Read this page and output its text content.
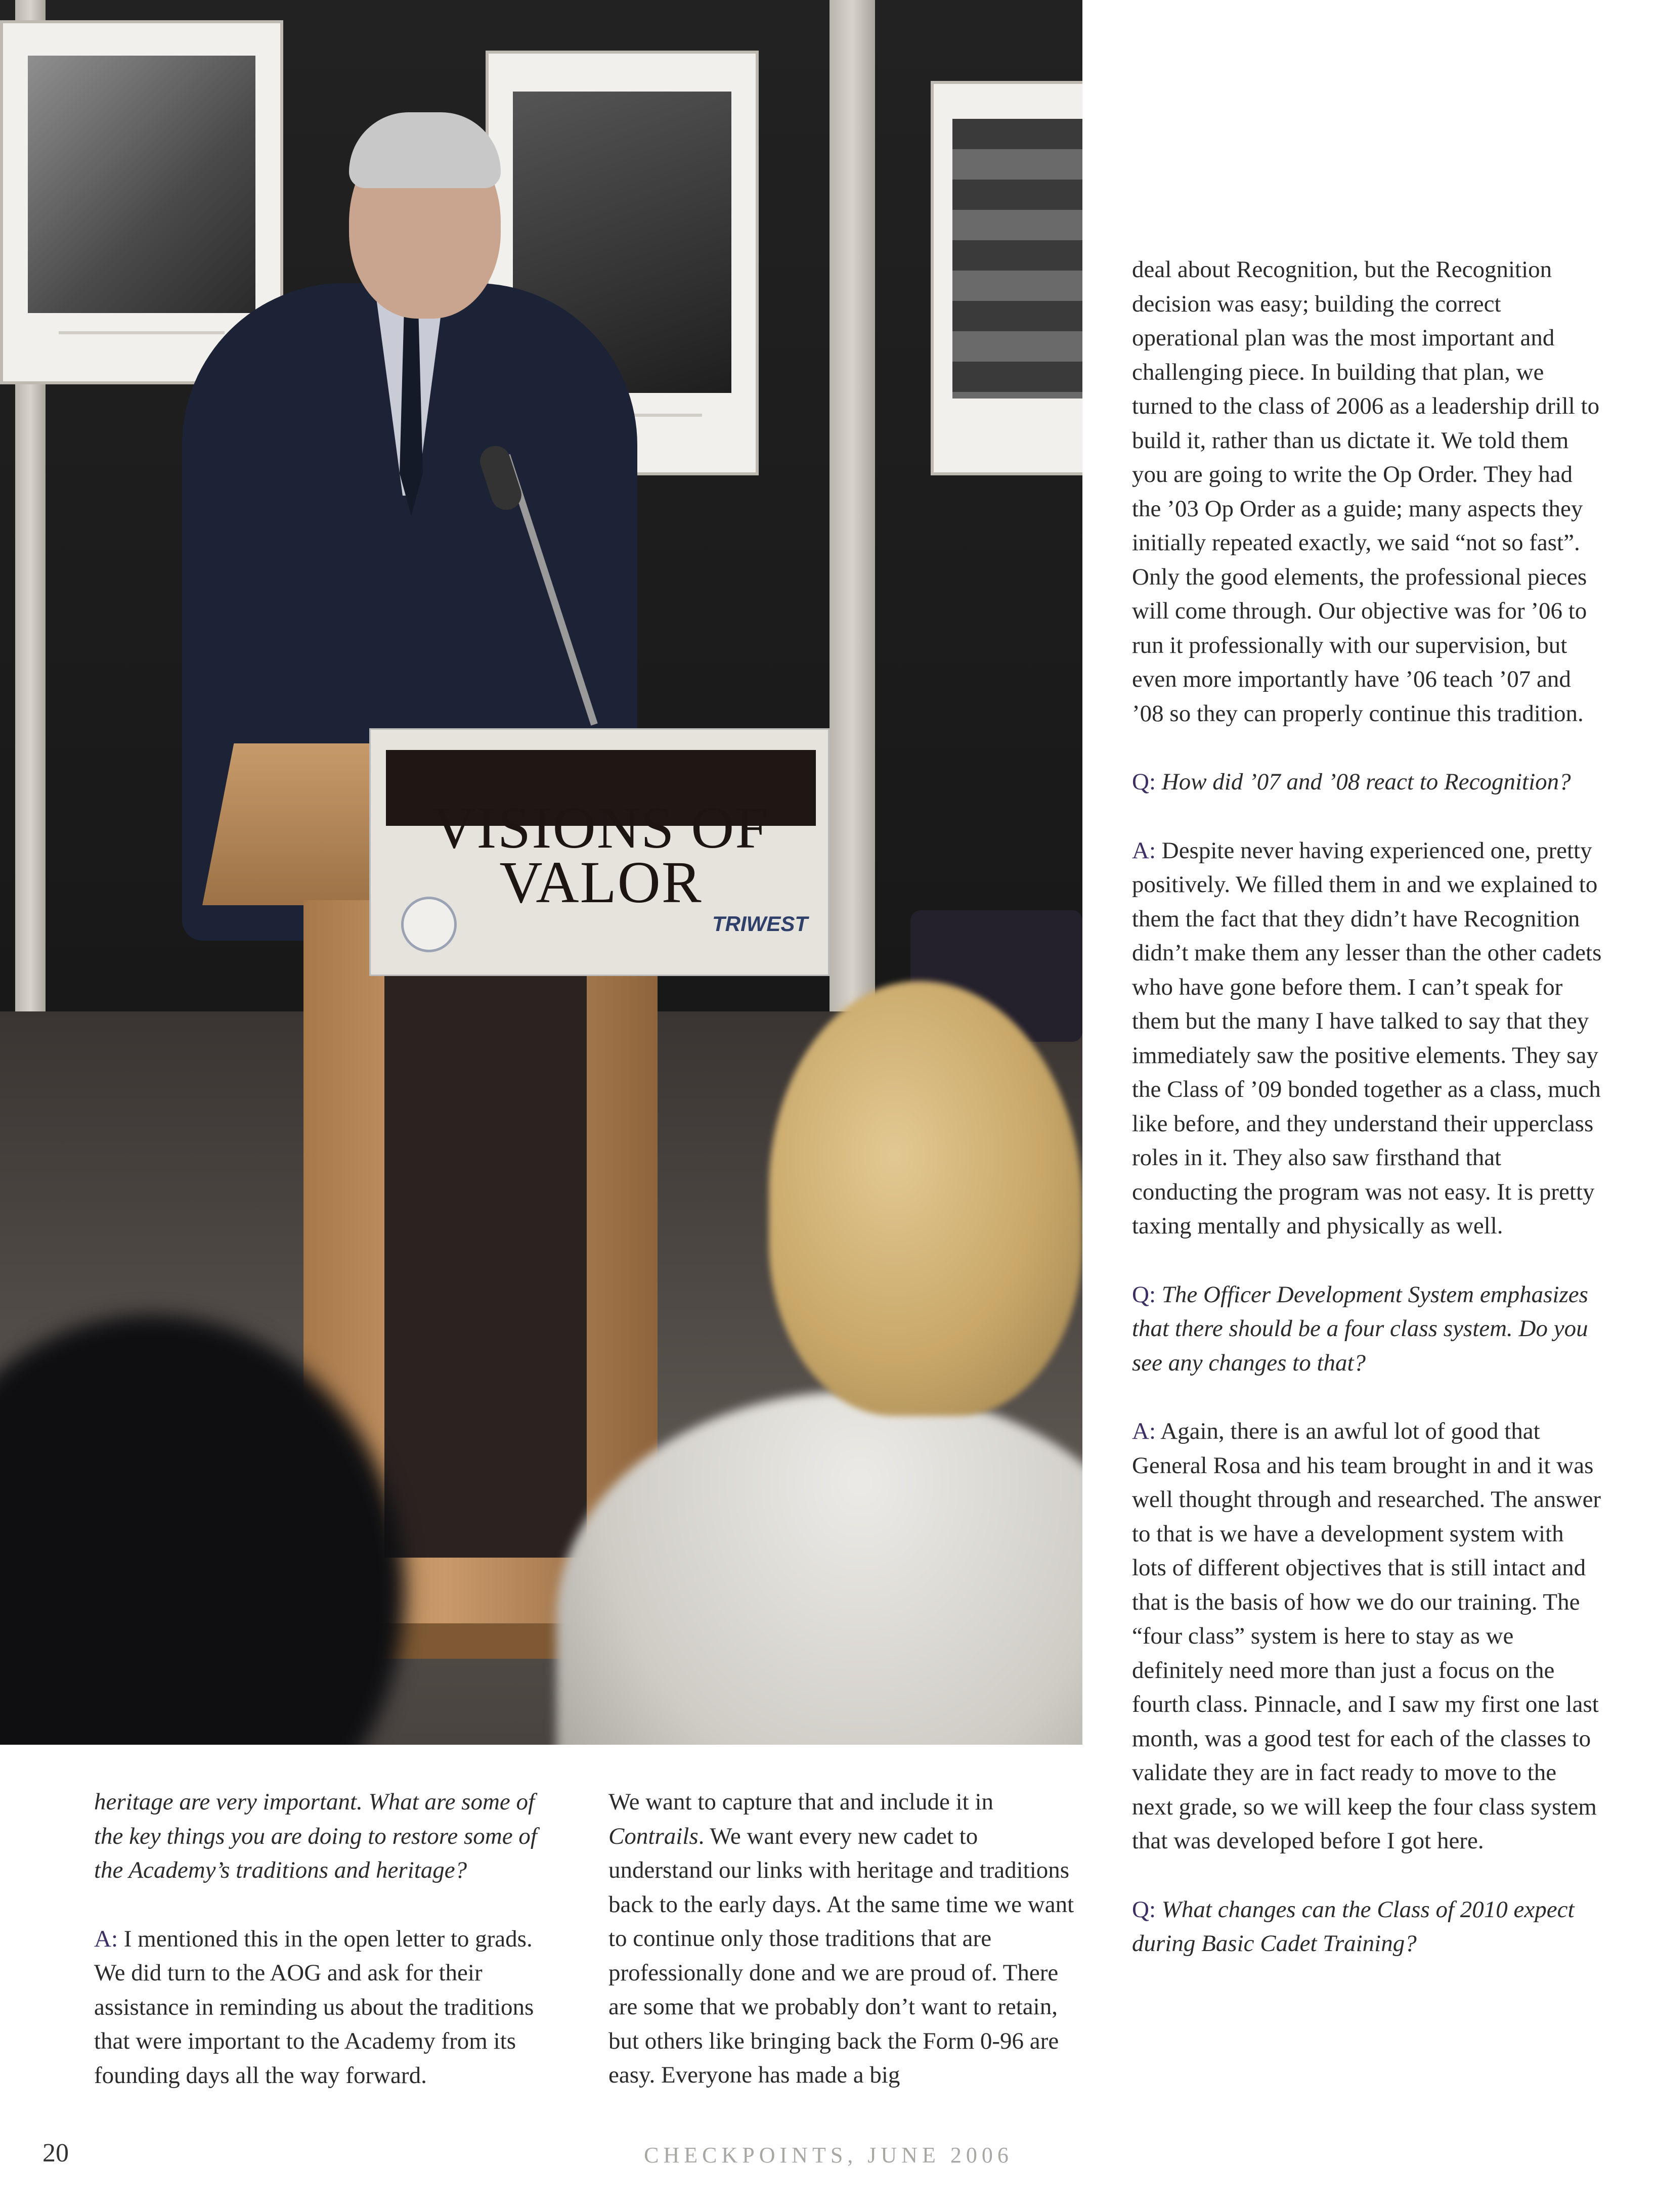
VISIONS OF
VALOR
TRIWEST

deal about Recognition, but the Recognition decision was easy; building the correct operational plan was the most important and challenging piece. In building that plan, we turned to the class of 2006 as a leadership drill to build it, rather than us dictate it. We told them you are going to write the Op Order. They had the ’03 Op Order as a guide; many aspects they initially repeated exactly, we said “not so fast”. Only the good elements, the professional pieces will come through. Our objective was for ’06 to run it professionally with our supervision, but even more importantly have ’06 teach ’07 and ’08 so they can properly continue this tradition.

Q: How did ’07 and ’08 react to Recognition?

A: Despite never having experienced one, pretty positively. We filled them in and we explained to them the fact that they didn’t have Recognition didn’t make them any lesser than the other cadets who have gone before them. I can’t speak for them but the many I have talked to say that they immediately saw the positive elements. They say the Class of ’09 bonded together as a class, much like before, and they understand their upperclass roles in it. They also saw firsthand that conducting the program was not easy. It is pretty taxing mentally and physically as well.

Q: The Officer Development System emphasizes that there should be a four class system. Do you see any changes to that?

A: Again, there is an awful lot of good that General Rosa and his team brought in and it was well thought through and researched. The answer to that is we have a development system with lots of different objectives that is still intact and that is the basis of how we do our training. The “four class” system is here to stay as we definitely need more than just a focus on the fourth class. Pinnacle, and I saw my first one last month, was a good test for each of the classes to validate they are in fact ready to move to the next grade, so we will keep the four class system that was developed before I got here.

Q: What changes can the Class of 2010 expect during Basic Cadet Training?

heritage are very important. What are some of the key things you are doing to restore some of the Academy’s traditions and heritage?

A: I mentioned this in the open letter to grads. We did turn to the AOG and ask for their assistance in reminding us about the traditions that were important to the Academy from its founding days all the way forward.

We want to capture that and include it in Contrails. We want every new cadet to understand our links with heritage and traditions back to the early days. At the same time we want to continue only those traditions that are professionally done and we are proud of. There are some that we probably don’t want to retain, but others like bringing back the Form 0-96 are easy. Everyone has made a big

20	CHECKPOINTS, JUNE 2006
